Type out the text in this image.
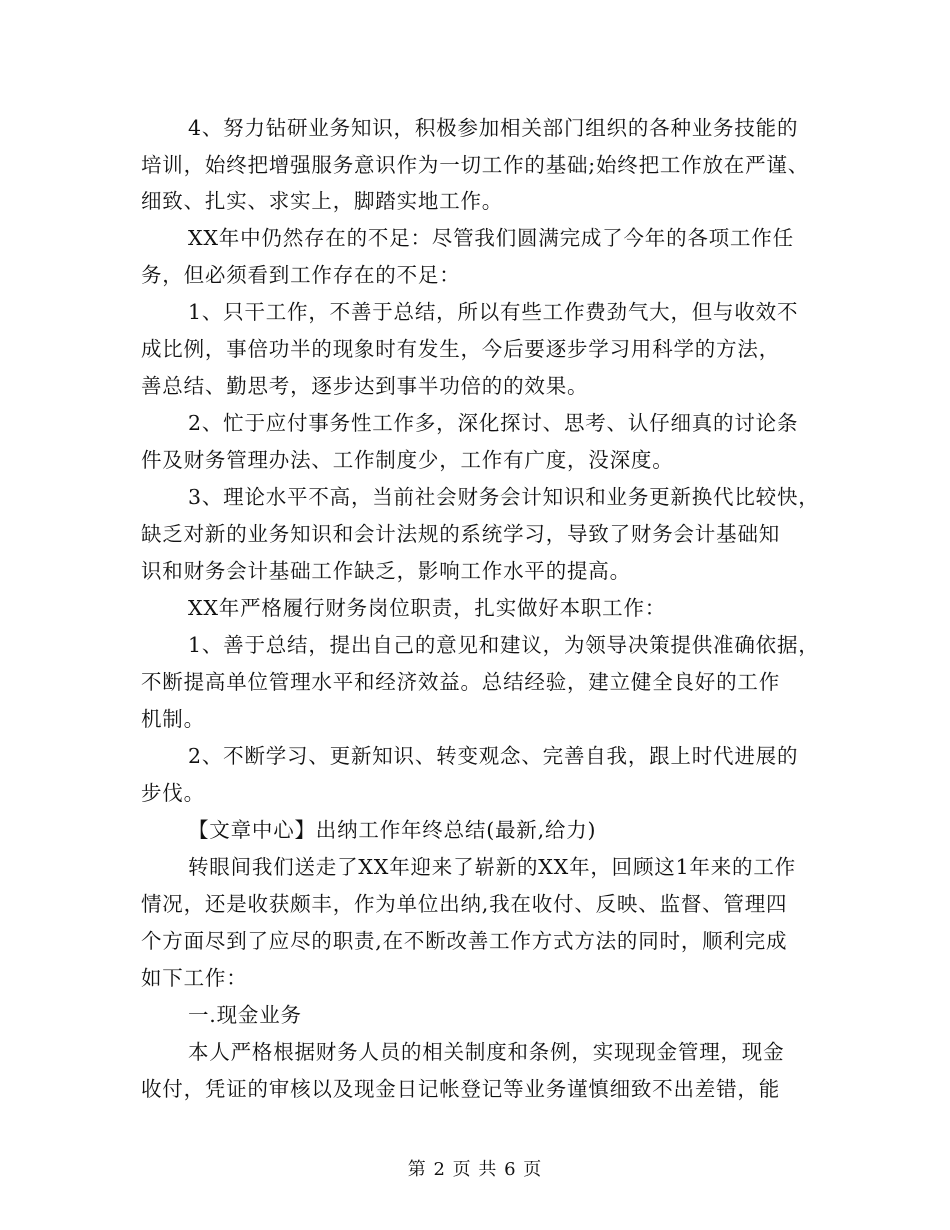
4、努力钻研业务知识，积极参加相关部门组织的各种业务技能的
培训，始终把增强服务意识作为一切工作的基础;始终把工作放在严谨、
细致、扎实、求实上，脚踏实地工作。
XX年中仍然存在的不足：尽管我们圆满完成了今年的各项工作任
务，但必须看到工作存在的不足：
1、只干工作，不善于总结，所以有些工作费劲气大，但与收效不
成比例，事倍功半的现象时有发生，今后要逐步学习用科学的方法，
善总结、勤思考，逐步达到事半功倍的的效果。
2、忙于应付事务性工作多，深化探讨、思考、认仔细真的讨论条
件及财务管理办法、工作制度少，工作有广度，没深度。
3、理论水平不高，当前社会财务会计知识和业务更新换代比较快，
缺乏对新的业务知识和会计法规的系统学习，导致了财务会计基础知
识和财务会计基础工作缺乏，影响工作水平的提高。
XX年严格履行财务岗位职责，扎实做好本职工作：
1、善于总结，提出自己的意见和建议，为领导决策提供准确依据，
不断提高单位管理水平和经济效益。总结经验，建立健全良好的工作
机制。
2、不断学习、更新知识、转变观念、完善自我，跟上时代进展的
步伐。
【文章中心】出纳工作年终总结(最新,给力)
转眼间我们送走了XX年迎来了崭新的XX年，回顾这1年来的工作
情况，还是收获颇丰，作为单位出纳,我在收付、反映、监督、管理四
个方面尽到了应尽的职责,在不断改善工作方式方法的同时，顺利完成
如下工作：
一.现金业务
本人严格根据财务人员的相关制度和条例，实现现金管理，现金
收付，凭证的审核以及现金日记帐登记等业务谨慎细致不出差错，能
第 2 页 共 6 页
